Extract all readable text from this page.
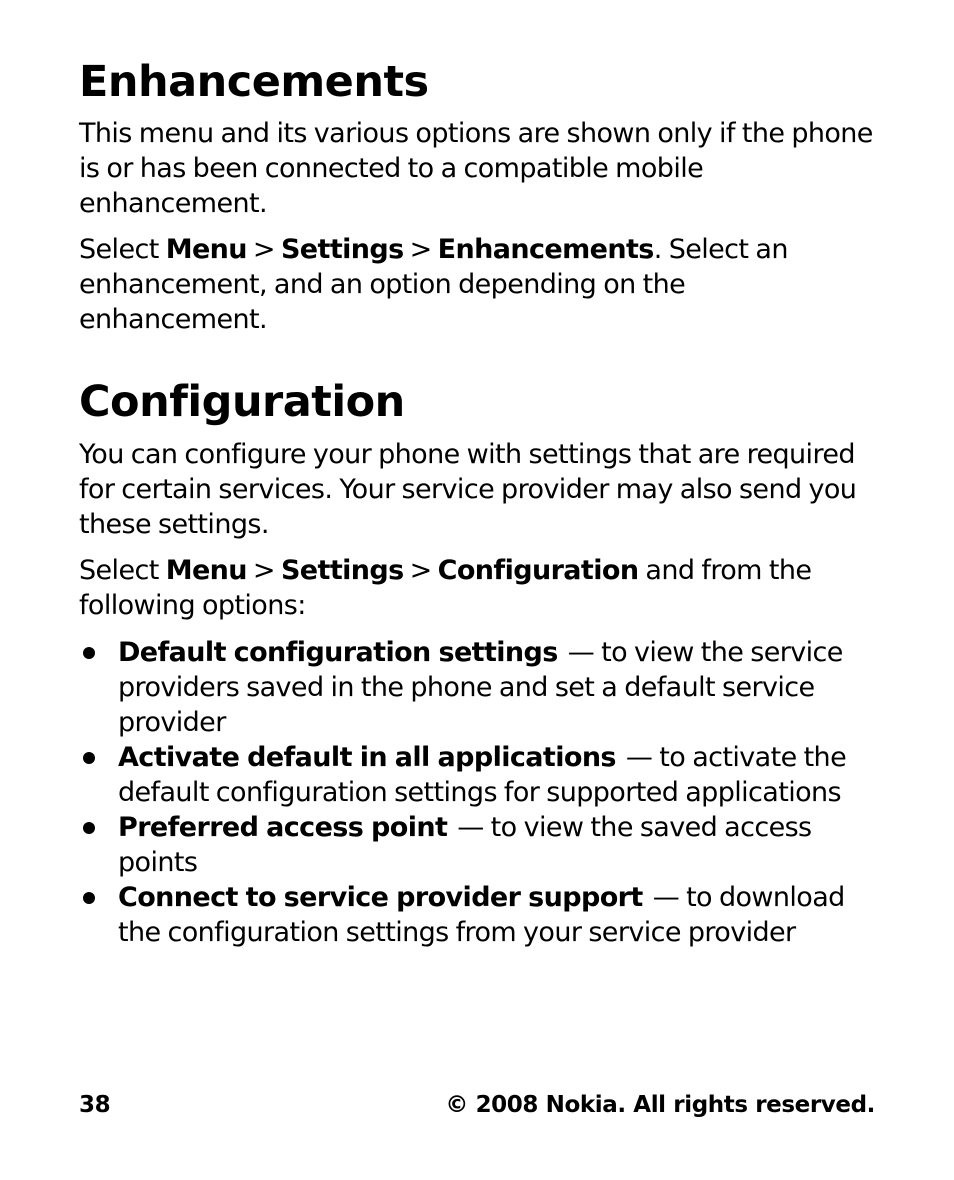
Enhancements

This menu and its various options are shown only if the phone is or has been connected to a compatible mobile enhancement.

Select Menu > Settings > Enhancements. Select an enhancement, and an option depending on the enhancement.

Configuration

You can configure your phone with settings that are required for certain services. Your service provider may also send you these settings.

Select Menu > Settings > Configuration and from the following options:

Default configuration settings — to view the service providers saved in the phone and set a default service provider
Activate default in all applications — to activate the default configuration settings for supported applications
Preferred access point — to view the saved access points
Connect to service provider support — to download the configuration settings from your service provider
38	© 2008 Nokia. All rights reserved.
